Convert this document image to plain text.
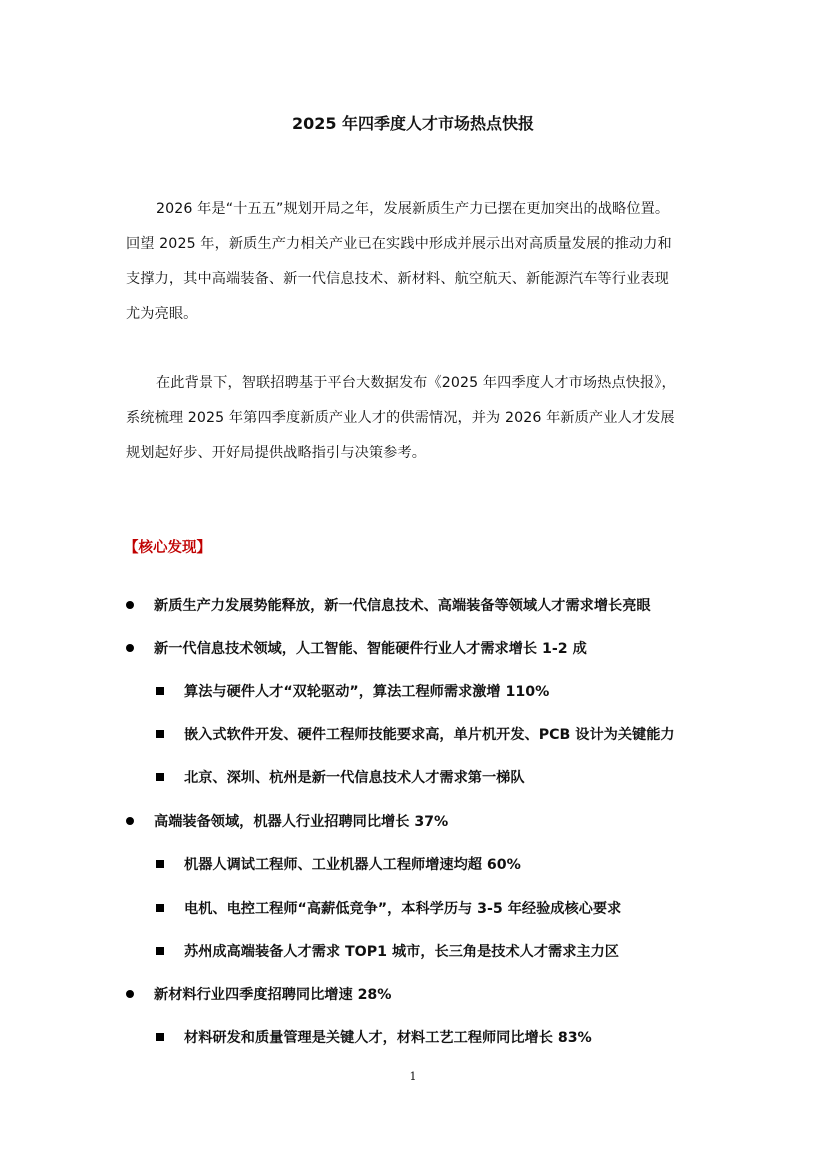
2025 年四季度人才市场热点快报
2026 年是“十五五”规划开局之年，发展新质生产力已摆在更加突出的战略位置。
回望 2025 年，新质生产力相关产业已在实践中形成并展示出对高质量发展的推动力和
支撑力，其中高端装备、新一代信息技术、新材料、航空航天、新能源汽车等行业表现
尤为亮眼。
在此背景下，智联招聘基于平台大数据发布《2025 年四季度人才市场热点快报》，
系统梳理 2025 年第四季度新质产业人才的供需情况，并为 2026 年新质产业人才发展
规划起好步、开好局提供战略指引与决策参考。
【核心发现】
新质生产力发展势能释放，新一代信息技术、高端装备等领域人才需求增长亮眼
新一代信息技术领域，人工智能、智能硬件行业人才需求增长 1-2 成
算法与硬件人才“双轮驱动”，算法工程师需求激增 110%
嵌入式软件开发、硬件工程师技能要求高，单片机开发、PCB 设计为关键能力
北京、深圳、杭州是新一代信息技术人才需求第一梯队
高端装备领域，机器人行业招聘同比增长 37%
机器人调试工程师、工业机器人工程师增速均超 60%
电机、电控工程师“高薪低竞争”，本科学历与 3-5 年经验成核心要求
苏州成高端装备人才需求 TOP1 城市，长三角是技术人才需求主力区
新材料行业四季度招聘同比增速 28%
材料研发和质量管理是关键人才，材料工艺工程师同比增长 83%
1
